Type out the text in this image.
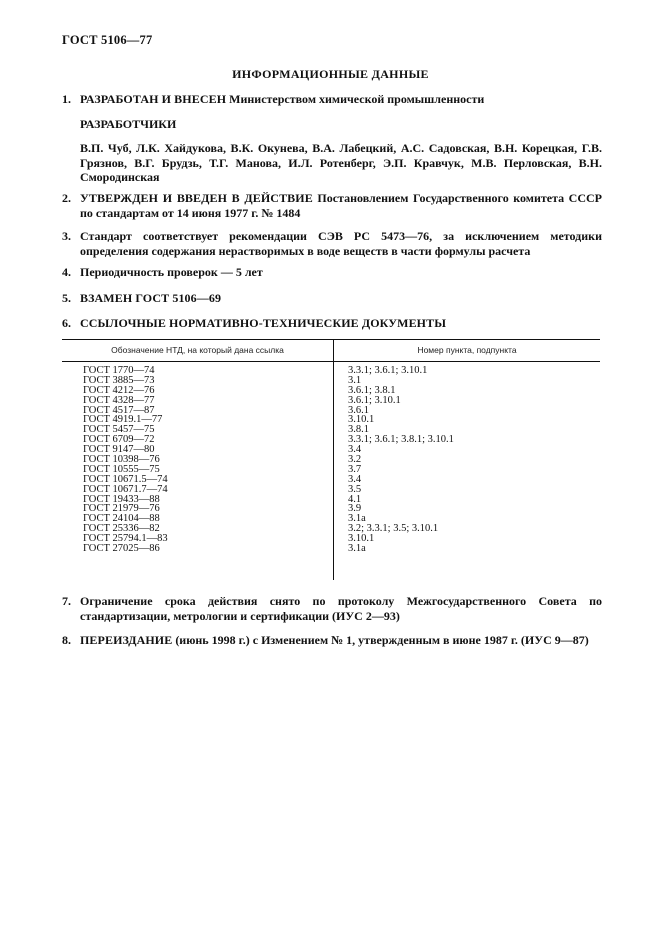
ГОСТ 5106—77
ИНФОРМАЦИОННЫЕ ДАННЫЕ
1. РАЗРАБОТАН И ВНЕСЕН Министерством химической промышленности
РАЗРАБОТЧИКИ
В.П. Чуб, Л.К. Хайдукова, В.К. Окунева, В.А. Лабецкий, А.С. Садовская, В.Н. Корецкая, Г.В. Грязнов, В.Г. Брудзь, Т.Г. Манова, И.Л. Ротенберг, Э.П. Кравчук, М.В. Перловская, В.Н. Смородинская
2. УТВЕРЖДЕН И ВВЕДЕН В ДЕЙСТВИЕ Постановлением Государственного комитета СССР по стандартам от 14 июня 1977 г. № 1484
3. Стандарт соответствует рекомендации СЭВ РС 5473—76, за исключением методики определения содержания нерастворимых в воде веществ в части формулы расчета
4. Периодичность проверок — 5 лет
5. ВЗАМЕН ГОСТ 5106—69
6. ССЫЛОЧНЫЕ НОРМАТИВНО-ТЕХНИЧЕСКИЕ ДОКУМЕНТЫ
Обозначение НТД, на который дана ссылка	Номер пункта, подпункта
ГОСТ 1770—74	3.3.1; 3.6.1; 3.10.1
ГОСТ 3885—73	3.1
ГОСТ 4212—76	3.6.1; 3.8.1
ГОСТ 4328—77	3.6.1; 3.10.1
ГОСТ 4517—87	3.6.1
ГОСТ 4919.1—77	3.10.1
ГОСТ 5457—75	3.8.1
ГОСТ 6709—72	3.3.1; 3.6.1; 3.8.1; 3.10.1
ГОСТ 9147—80	3.4
ГОСТ 10398—76	3.2
ГОСТ 10555—75	3.7
ГОСТ 10671.5—74	3.4
ГОСТ 10671.7—74	3.5
ГОСТ 19433—88	4.1
ГОСТ 21979—76	3.9
ГОСТ 24104—88	3.1а
ГОСТ 25336—82	3.2; 3.3.1; 3.5; 3.10.1
ГОСТ 25794.1—83	3.10.1
ГОСТ 27025—86	3.1а
7. Ограничение срока действия снято по протоколу Межгосударственного Совета по стандартизации, метрологии и сертификации (ИУС 2—93)
8. ПЕРЕИЗДАНИЕ (июнь 1998 г.) с Изменением № 1, утвержденным в июне 1987 г. (ИУС 9—87)
